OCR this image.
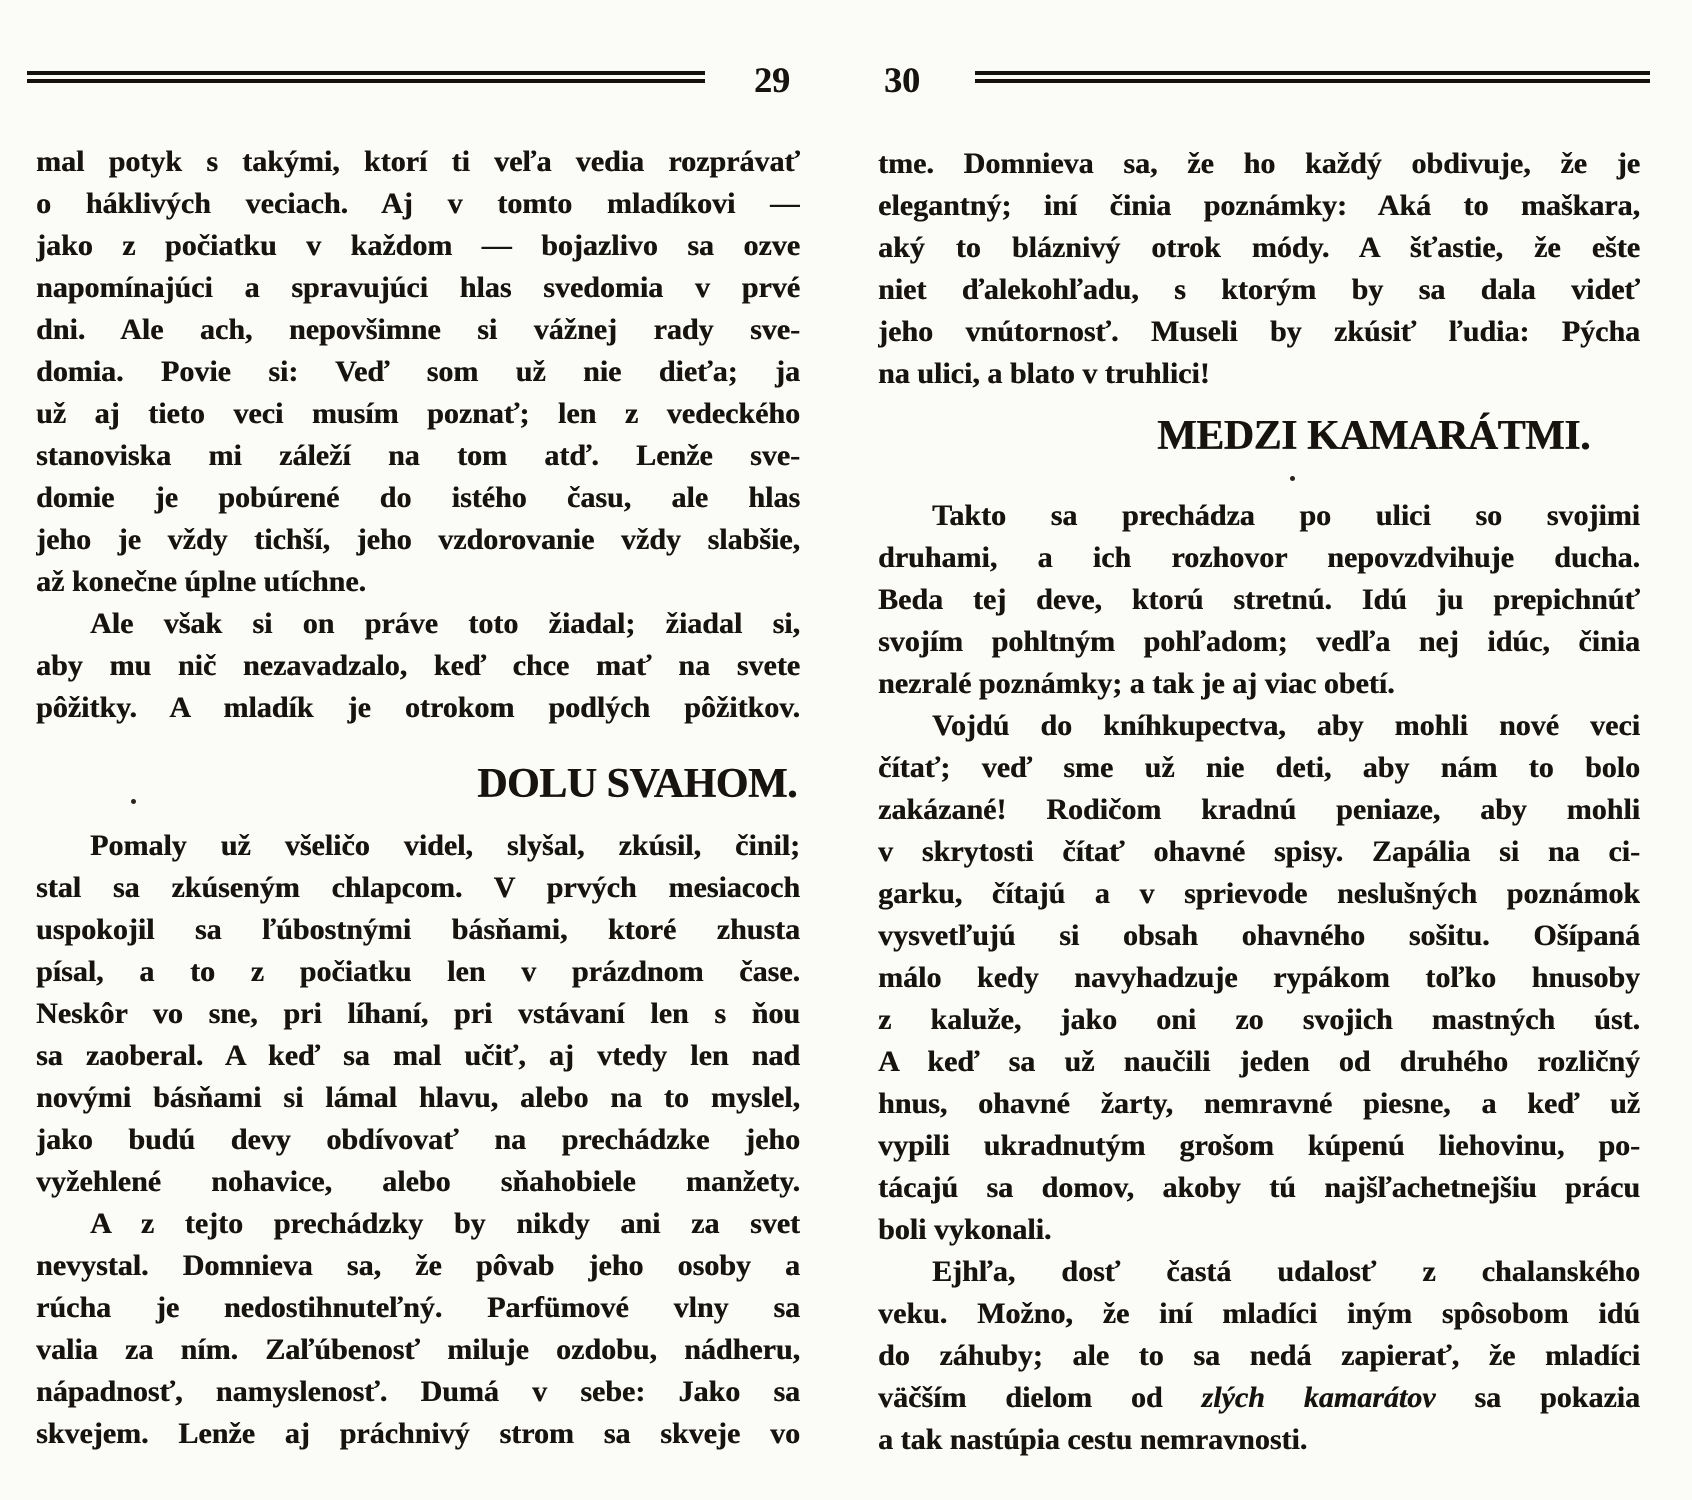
29	30
mal potyk s takými, ktorí ti veľa vedia rozprávať
o háklivých veciach. Aj v tomto mladíkovi —
jako z počiatku v každom — bojazlivo sa ozve
napomínajúci a spravujúci hlas svedomia v prvé
dni. Ale ach, nepovšimne si vážnej rady sve-
domia. Povie si: Veď som už nie dieťa; ja
už aj tieto veci musím poznať; len z vedeckého
stanoviska mi záleží na tom atď. Lenže sve-
domie je pobúrené do istého času, ale hlas
jeho je vždy tichší, jeho vzdorovanie vždy slabšie,
až konečne úplne utíchne.
Ale však si on práve toto žiadal; žiadal si,
aby mu nič nezavadzalo, keď chce mať na svete
pôžitky. A mladík je otrokom podlých pôžitkov.
Pomaly už všeličo videl, slyšal, zkúsil, činil;
stal sa zkúseným chlapcom. V prvých mesiacoch
uspokojil sa ľúbostnými básňami, ktoré zhusta
písal, a to z počiatku len v prázdnom čase.
Neskôr vo sne, pri líhaní, pri vstávaní len s ňou
sa zaoberal. A keď sa mal učiť, aj vtedy len nad
novými básňami si lámal hlavu, alebo na to myslel,
jako budú devy obdívovať na prechádzke jeho
vyžehlené nohavice, alebo sňahobiele manžety.
A z tejto prechádzky by nikdy ani za svet
nevystal. Domnieva sa, že pôvab jeho osoby a
rúcha je nedostihnuteľný. Parfümové vlny sa
valia za ním. Zaľúbenosť miluje ozdobu, nádheru,
nápadnosť, namyslenosť. Dumá v sebe: Jako sa
skvejem. Lenže aj práchnivý strom sa skveje vo
DOLU SVAHOM.
tme. Domnieva sa, že ho každý obdivuje, že je
elegantný; iní činia poznámky: Aká to maškara,
aký to bláznivý otrok módy. A šťastie, že ešte
niet ďalekohľadu, s ktorým by sa dala videť
jeho vnútornosť. Museli by zkúsiť ľudia: Pýcha
na ulici, a blato v truhlici!
Takto sa prechádza po ulici so svojimi
druhami, a ich rozhovor nepovzdvihuje ducha.
Beda tej deve, ktorú stretnú. Idú ju prepichnúť
svojím pohltným pohľadom; vedľa nej idúc, činia
nezralé poznámky; a tak je aj viac obetí.
Vojdú do kníhkupectva, aby mohli nové veci
čítať; veď sme už nie deti, aby nám to bolo
zakázané! Rodičom kradnú peniaze, aby mohli
v skrytosti čítať ohavné spisy. Zapália si na ci-
garku, čítajú a v sprievode neslušných poznámok
vysvetľujú si obsah ohavného sošitu. Ošípaná
málo kedy navyhadzuje rypákom toľko hnusoby
z kaluže, jako oni zo svojich mastných úst.
A keď sa už naučili jeden od druhého rozličný
hnus, ohavné žarty, nemravné piesne, a keď už
vypili ukradnutým grošom kúpenú liehovinu, po-
tácajú sa domov, akoby tú najšľachetnejšiu prácu
boli vykonali.
Ejhľa, dosť častá udalosť z chalanského
veku. Možno, že iní mladíci iným spôsobom idú
do záhuby; ale to sa nedá zapierať, že mladíci
väčším dielom od zlých kamarátov sa pokazia
a tak nastúpia cestu nemravnosti.
MEDZI KAMARÁTMI.
